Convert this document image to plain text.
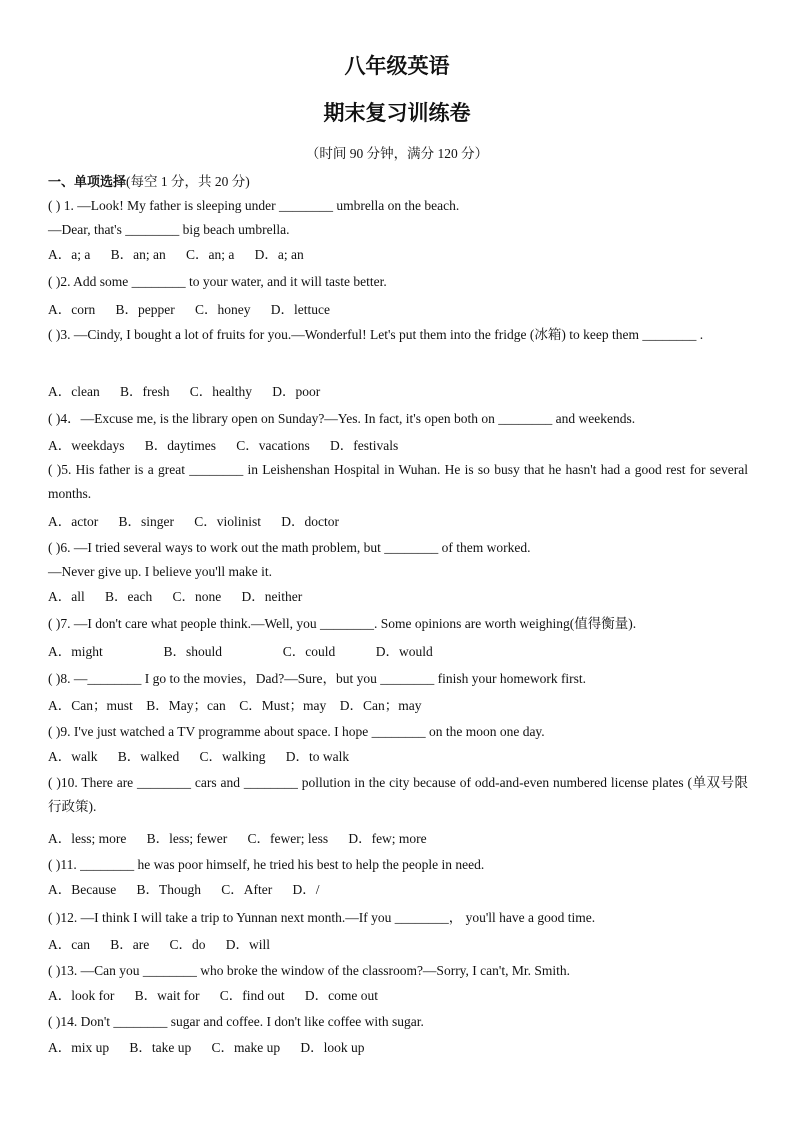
八年级英语
期末复习训练卷
（时间 90 分钟，满分 120 分）
一、单项选择(每空 1 分，共 20 分)
( ) 1. —Look! My father is sleeping under ________ umbrella on the beach.
—Dear, that's ________ big beach umbrella.
A．a; a      B．an; an      C．an; a      D．a; an
( )2. Add some ________ to your water, and it will taste better.
A．corn      B．pepper      C．honey      D．lettuce
( )3. —Cindy, I bought a lot of fruits for you.—Wonderful! Let's put them into the fridge (冰箱) to keep them ________ .
A．clean      B．fresh      C．healthy      D．poor
( )4．—Excuse me, is the library open on Sunday?—Yes. In fact, it's open both on ________ and weekends.
A．weekdays      B．daytimes      C．vacations      D．festivals
( )5. His father is a great ________ in Leishenshan Hospital in Wuhan. He is so busy that he hasn't had a good rest for several months.
A．actor      B．singer      C．violinist      D．doctor
( )6. —I tried several ways to work out the math problem, but ________ of them worked.
—Never give up. I believe you'll make it.
A．all      B．each      C．none      D．neither
( )7. —I don't care what people think.—Well, you ________. Some opinions are worth weighing(值得衡量).
A．might                  B．should                  C．could            D．would
( )8. —________ I go to the movies，Dad?—Sure，but you ________ finish your homework first.
A．Can；must    B．May；can    C．Must；may    D．Can；may
( )9. I've just watched a TV programme about space. I hope ________ on the moon one day.
A．walk      B．walked      C．walking      D．to walk
( )10. There are ________ cars and ________ pollution in the city because of odd-and-even numbered license plates (单双号限行政策).
A．less; more      B．less; fewer      C．fewer; less      D．few; more
( )11. ________ he was poor himself, he tried his best to help the people in need.
A．Because      B．Though      C．After      D．/
( )12. —I think I will take a trip to Yunnan next month.—If you ________， you'll have a good time.
A．can      B．are      C．do      D．will
( )13. —Can you ________ who broke the window of the classroom?—Sorry, I can't, Mr. Smith.
A．look for      B．wait for      C．find out      D．come out
( )14. Don't ________ sugar and coffee. I don't like coffee with sugar.
A．mix up      B．take up      C．make up      D．look up
